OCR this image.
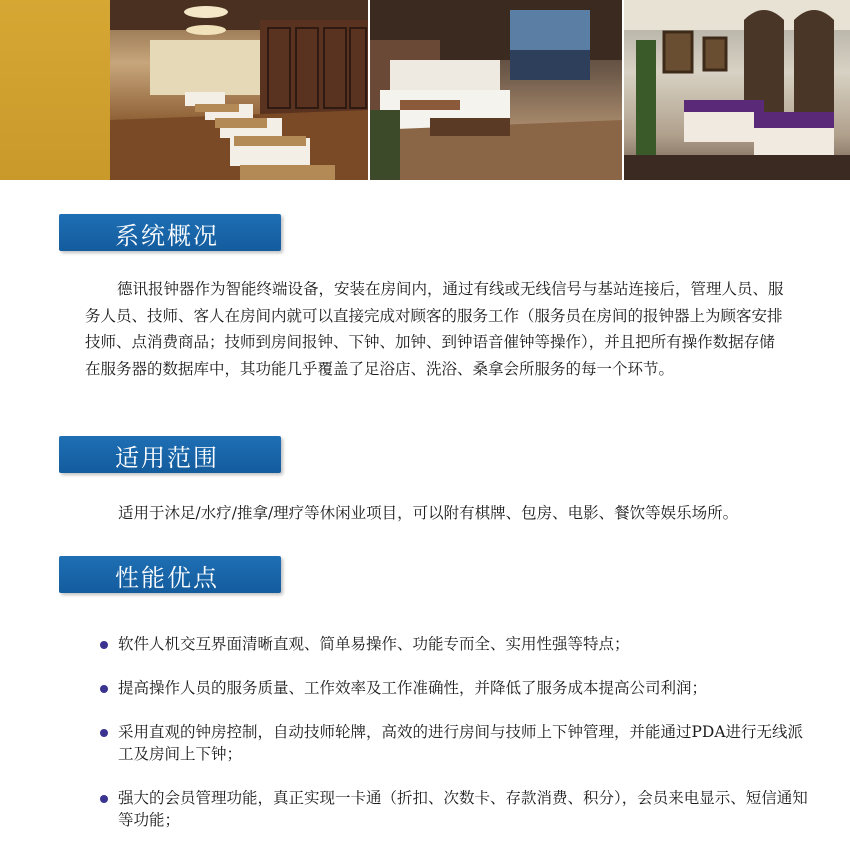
系统概况
德讯报钟器作为智能终端设备，安装在房间内，通过有线或无线信号与基站连接后，管理人员、服务人员、技师、客人在房间内就可以直接完成对顾客的服务工作（服务员在房间的报钟器上为顾客安排技师、点消费商品；技师到房间报钟、下钟、加钟、到钟语音催钟等操作），并且把所有操作数据存储在服务器的数据库中，其功能几乎覆盖了足浴店、洗浴、桑拿会所服务的每一个环节。
适用范围
适用于沐足/水疗/推拿/理疗等休闲业项目，可以附有棋牌、包房、电影、餐饮等娱乐场所。
性能优点
软件人机交互界面清晰直观、简单易操作、功能专而全、实用性强等特点；
提高操作人员的服务质量、工作效率及工作准确性，并降低了服务成本提高公司利润；
采用直观的钟房控制，自动技师轮牌，高效的进行房间与技师上下钟管理，并能通过PDA进行无线派工及房间上下钟；
强大的会员管理功能，真正实现一卡通（折扣、次数卡、存款消费、积分），会员来电显示、短信通知等功能；
